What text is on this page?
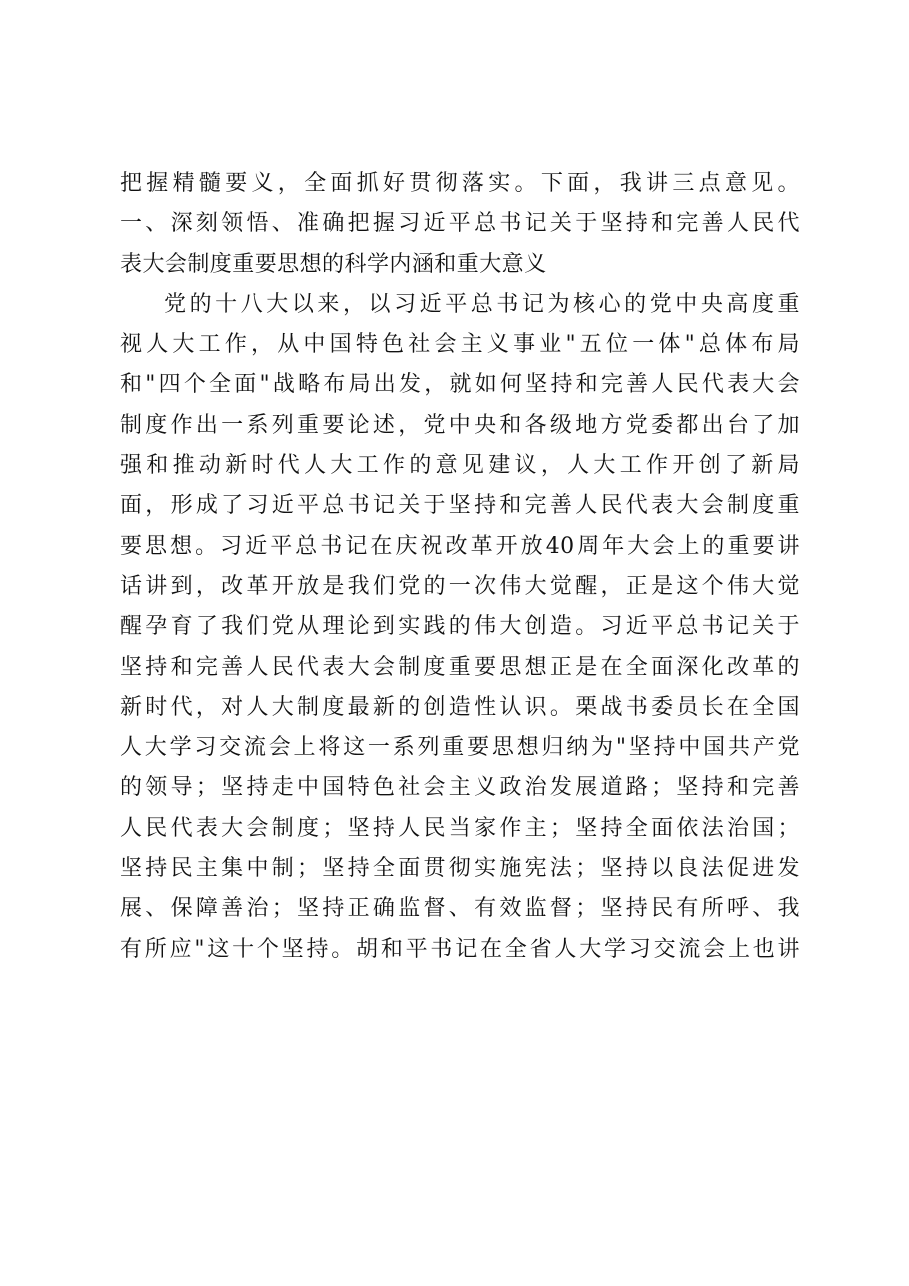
把握精髓要义，全面抓好贯彻落实。下面，我讲三点意见。
一、深刻领悟、准确把握习近平总书记关于坚持和完善人民代
表大会制度重要思想的科学内涵和重大意义
党的十八大以来，以习近平总书记为核心的党中央高度重
视人大工作，从中国特色社会主义事业"五位一体"总体布局
和"四个全面"战略布局出发，就如何坚持和完善人民代表大会
制度作出一系列重要论述，党中央和各级地方党委都出台了加
强和推动新时代人大工作的意见建议，人大工作开创了新局
面，形成了习近平总书记关于坚持和完善人民代表大会制度重
要思想。习近平总书记在庆祝改革开放40周年大会上的重要讲
话讲到，改革开放是我们党的一次伟大觉醒，正是这个伟大觉
醒孕育了我们党从理论到实践的伟大创造。习近平总书记关于
坚持和完善人民代表大会制度重要思想正是在全面深化改革的
新时代，对人大制度最新的创造性认识。栗战书委员长在全国
人大学习交流会上将这一系列重要思想归纳为"坚持中国共产党
的领导；坚持走中国特色社会主义政治发展道路；坚持和完善
人民代表大会制度；坚持人民当家作主；坚持全面依法治国；
坚持民主集中制；坚持全面贯彻实施宪法；坚持以良法促进发
展、保障善治；坚持正确监督、有效监督；坚持民有所呼、我
有所应"这十个坚持。胡和平书记在全省人大学习交流会上也讲
